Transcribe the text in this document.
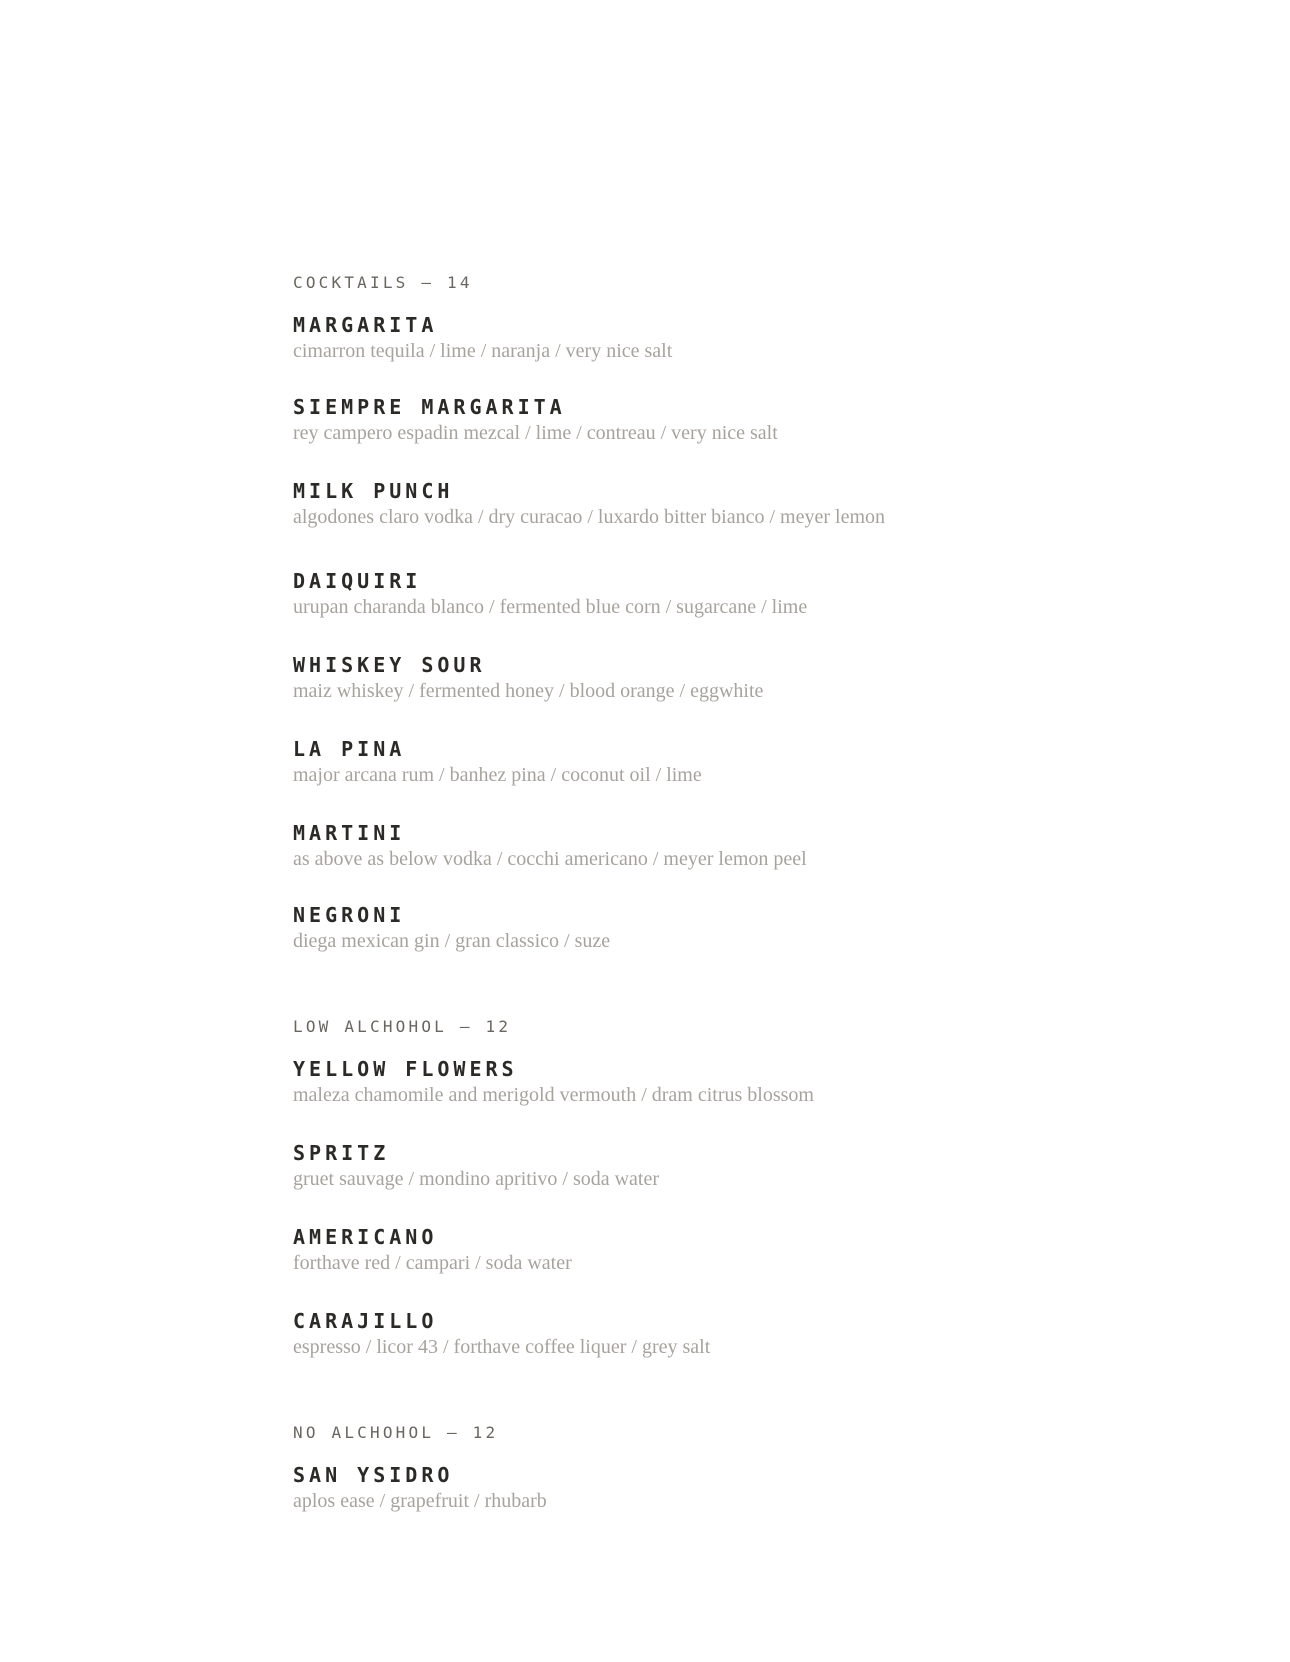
COCKTAILS — 14
MARGARITA
cimarron tequila / lime / naranja / very nice salt
SIEMPRE MARGARITA
rey campero espadin mezcal / lime / contreau / very nice salt
MILK PUNCH
algodones claro vodka / dry curacao / luxardo bitter bianco / meyer lemon
DAIQUIRI
urupan charanda blanco / fermented blue corn / sugarcane / lime
WHISKEY SOUR
maiz whiskey / fermented honey / blood orange / eggwhite
LA PINA
major arcana rum / banhez pina / coconut oil / lime
MARTINI
as above as below vodka / cocchi americano / meyer lemon peel
NEGRONI
diega mexican gin / gran classico / suze
LOW ALCHOHOL — 12
YELLOW FLOWERS
maleza chamomile and merigold vermouth / dram citrus blossom
SPRITZ
gruet sauvage / mondino apritivo / soda water
AMERICANO
forthave red / campari / soda water
CARAJILLO
espresso / licor 43 / forthave coffee liquer / grey salt
NO ALCHOHOL — 12
SAN YSIDRO
aplos ease / grapefruit / rhubarb
